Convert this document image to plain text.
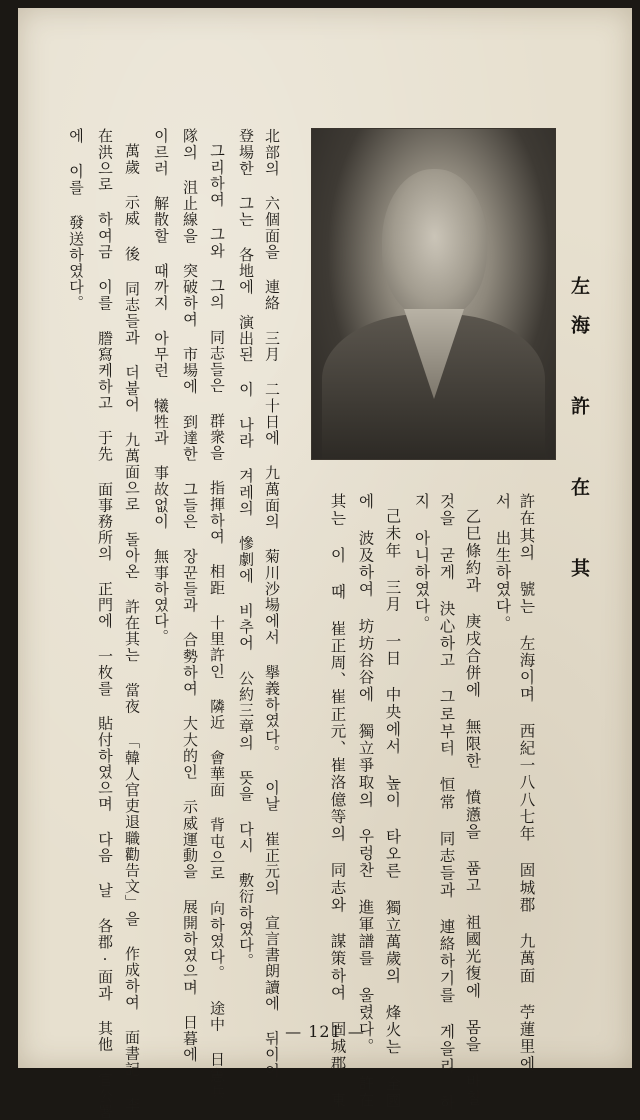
左海 許 在 其
許在其의 號는 左海이며 西紀一八八七年 固城郡 九萬面 苧蓮里에
서 出生하였다。
乙巳條約과 庚戌合併에 無限한 憤懣을 품고 祖國光復에 몸을 바칠
것을 굳게 決心하고 그로부터 恒常 同志들과 連絡하기를 게을리 하
지 아니하였다。
己未年 三月 一日 中央에서 높이 타오른 獨立萬歲의 烽火는 全國
에 波及하여 坊坊谷谷에 獨立爭取의 우렁찬 進軍譜를 울렸다。 許在
其는 이 때 崔正周、崔正元、崔洛億等의 同志와 謀策하여 固城郡 東
北部의 六個面을 連絡 三月 二十日에 九萬面의 菊川沙場에서 擧義하였다。 이날 崔正元의 宣言書朗讀에 뒤이어
登場한 그는 各地에 演出된 이 나라 겨레의 慘劇에 비추어 公約三章의 뜻을 다시 敷衍하였다。
그리하여 그와 그의 同志들은 群衆을 指揮하여 相距 十里許인 隣近 會華面 背屯으로 向하였다。 途中 日憲兵
隊의 沮止線을 突破하여 市場에 到達한 그들은 장꾼들과 合勢하여 大大的인 示威運動을 展開하였으며 日暮에
이르러 解散할 때까지 아무런 犧牲과 事故없이 無事하였다。
萬歲 示威 後 同志들과 더불어 九萬面으로 돌아온 許在其는 當夜 「韓人官吏退職勸告文」을 作成하여 面書記 李
在洪으로 하여금 이를 謄寫케하고 于先 面事務所의 正門에 一枚를 貼付하였으며 다음 날 各郡·面과 其他 官公署
에 이를 發送하였다。
— 121 —
